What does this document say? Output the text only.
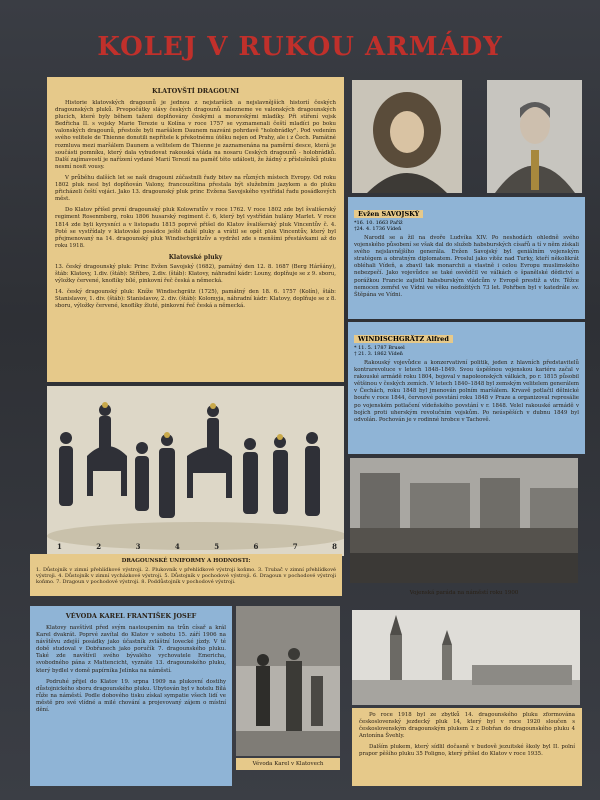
KOLEJ V RUKOU ARMÁDY
KLATOVŠTÍ DRAGOUNI

Historie klatovských dragounů je jednou z nejstarších a nejslavnějších historií českých dragounských pluků. Prvopočátky slávy českých dragounů nalezneme ve valonských dragounských plucích, které byly během taženi doplňovány českými a moravskými mladíky. Při stíření vojsk Bedřicha II. s vojsky Marie Terezie u Kolína v roce 1757 se vyznamenali čeští mladíci po boku valonských dragounů, přestože byli maršálem Daunem nazváni pohrdavě "holobrádky". Pod vedením svého velitele de Thienne donutili nepřítele k překotnému útěku nejen od Prahy, ale i z Čech. Památné rozmluva mezi maršálem Daunem a velitelem de Thienne je zaznamenána na paměrní desce, která je součásti pomníku, který dala vybudovat rakouská vláda na nosaru Ceských dragounů - holobrádků. Další zajímavostí je nařízení vydané Marií Terezií na paměť této události, že žádný z příslušníků pluku nesmí nosit vousy.

V průběhu dalších let se naši dragouni zúčastnili řady bitev na různých místech Evropy. Od roku 1802 pluk nesl byl doplňován Valony, francouzština přestala být služebním jazykem a do pluku přicházeli čeští vojáci. Jako 13. dragounský pluk princ Evžena Savojského vystřídal řadu posádkových měst.

Do Klatov přišel první dragounský pluk Kolowratův v roce 1762. V roce 1802 zde byl švališerský regiment Rosenmberg, roku 1806 husarský regiment č. 6, který byl vystřídán hulány Marlet. V roce 1814 zde byli kyrysníci a v listopadu 1815 poprvé přišel do Klatov švališerský pluk Vincentův č. 4. Poté se vystřídaly v klatovské posádce ještě další pluky a vrátil se opět pluk Vincentův, který byl přejmenovaný na 14. dragounský pluk Windischgrätzův a vydržel zde s menšími přestávkami až do roku 1918.

Klatovské pluky

13. český dragounský pluk: Princ Evžen Savojský (1682), památný den 12. 8. 1687 (Berg Háršány), štáb: Klatovy, 1.div. (štáb): Stříbro, 2.div. (štáb): Klatovy, náhradní kádr: Louny, doplňuje se z 9. sboru, výložky červené, knoflíky bílé, pinkovní řeč česká a německá.

14. český dragounský pluk: Kníže Windischgrätz (1725), památný den 18. 6. 1757 (Kolín), štáb: Stanislavov, 1. div. (štáb): Stanislavov, 2. div. (štáb): Kolomyja, náhradní kádr: Klatovy, doplňuje se z 8. sboru, výložky červené, knoflíky žluté, pinkovní řeč česká a německá.

1	2	3	4	5	6	7	8
DRAGOUNSKÉ UNIFORMY A HODNOSTI:
1. Důstojník v zimní přehlídkové výstroji. 2. Plukovník v přehlídkové výstroji koňmo. 3. Trubač v zimní přehlídkové výstroji. 4. Důstojník v zimní vycházkové výstroji. 5. Důstojník v pochodové výstroji. 6. Dragoun v pochodové výstroji koňmo. 7. Dragoun v pochodové výstroji. 8. Poddůstojník v pochodové výstroji.
Evžen SAVOJSKÝ
*16. 10. 1663 Paříž
†24. 4. 1736 Vídeň

Narodil se a žil na dvoře Ludvíka XIV. Po neshodách ohledně svého vojenského působení se však dal do služeb habsburských císařů a tí v něm získali svého nejslavnějšího generála. Evžen Savojský byl geniálním vojenským stratégem a obratným diplomatem. Proslul jako vítěz nad Turky, kteří několikrát obléhali Vídeň, a zbavil tak monarchii a vlastně i celou Evropu muslimského nebezpečí. Jako vojevůdce se také osvědčil ve válkách o španělské dědictví a porážkou Francie zajistil habsburským vládcům v Evropě prestiž a vliv. Těžce nemocen zemřel ve Vídni ve věku nedožitých 73 let. Pohřben byl v katedrále sv. Štěpána ve Vídni.

WINDISCHGRÄTZ Alfred
* 11. 5. 1787 Brusel
† 21. 3. 1862 Vídeň

Rakouský vojevůdce a konzervativní politik, jeden z hlavních představitelů kontrarevoluce v letech 1848–1849. Svou úspěšnou vojenskou kariéru začal v rakouské armádě roku 1804, bojoval v napoleonských válkách, po r. 1815 působil většinou v českých zemích. V letech 1840–1848 byl zemským velitelem generálem v Čechách, roku 1848 byl jmenován polním maršálem. Krvavě potlačil dělnické bouře v roce 1844, červnové povstání roku 1848 v Praze a organizoval represálie po vojenském potlačení vídeňského povstání v r. 1848. Velel rakouské armádě v bojích proti uherským revolučním vojskům. Po neúspěších v dubnu 1849 byl odvolán. Pochován je v rodinné hrobce v Tachově.

Vojenská paráda na náměstí roku 1900
VÉVODA KAREL FRANTIŠEK JOSEF

Klatovy navštívil před svým nastoupením na trůn císař a král Karel dvakrát. Poprvé zavítal do Klatov v sobotu 15. září 1906 na návštěvu zdejší posádky jako účastník zvláštní lovecké jízdy. V té době studoval v Dobřanech jako poručík 7. dragounského pluku. Také zde navštívil svého bývalého vychovatele Emericha, svobodného pána z Mattencicht, vyznáte 13. dragounského pluku, který bydlel v domě papírníka Jelínka na náměstí.

Podruhé přijel do Klatov 19. srpna 1909 na plukovní dostihy důstojnického sboru dragounského pluku. Ubytován byl v hotelu Bílá růže na náměstí. Podle dobového tisku získal sympatie všech lidí ve městě pro své vlídné a milé chování a projevovaný zájem o místní dění.

Vévoda Karel v Klatovech

Po roce 1918 byl ze zbytků 14. dragounského pluku zformována československý jezdecký pluk 14, který byl v roce 1920 sloučen s československým dragounským plukem 2 z Dobřan do dragounského pluku 4 Antonína Švehly.

Dalším plukem, který sídlil dočasně v budově jezuitské školy byl II. polní prapor pěšího pluku 35 Foligno, který přišel do Klatov v roce 1935.
